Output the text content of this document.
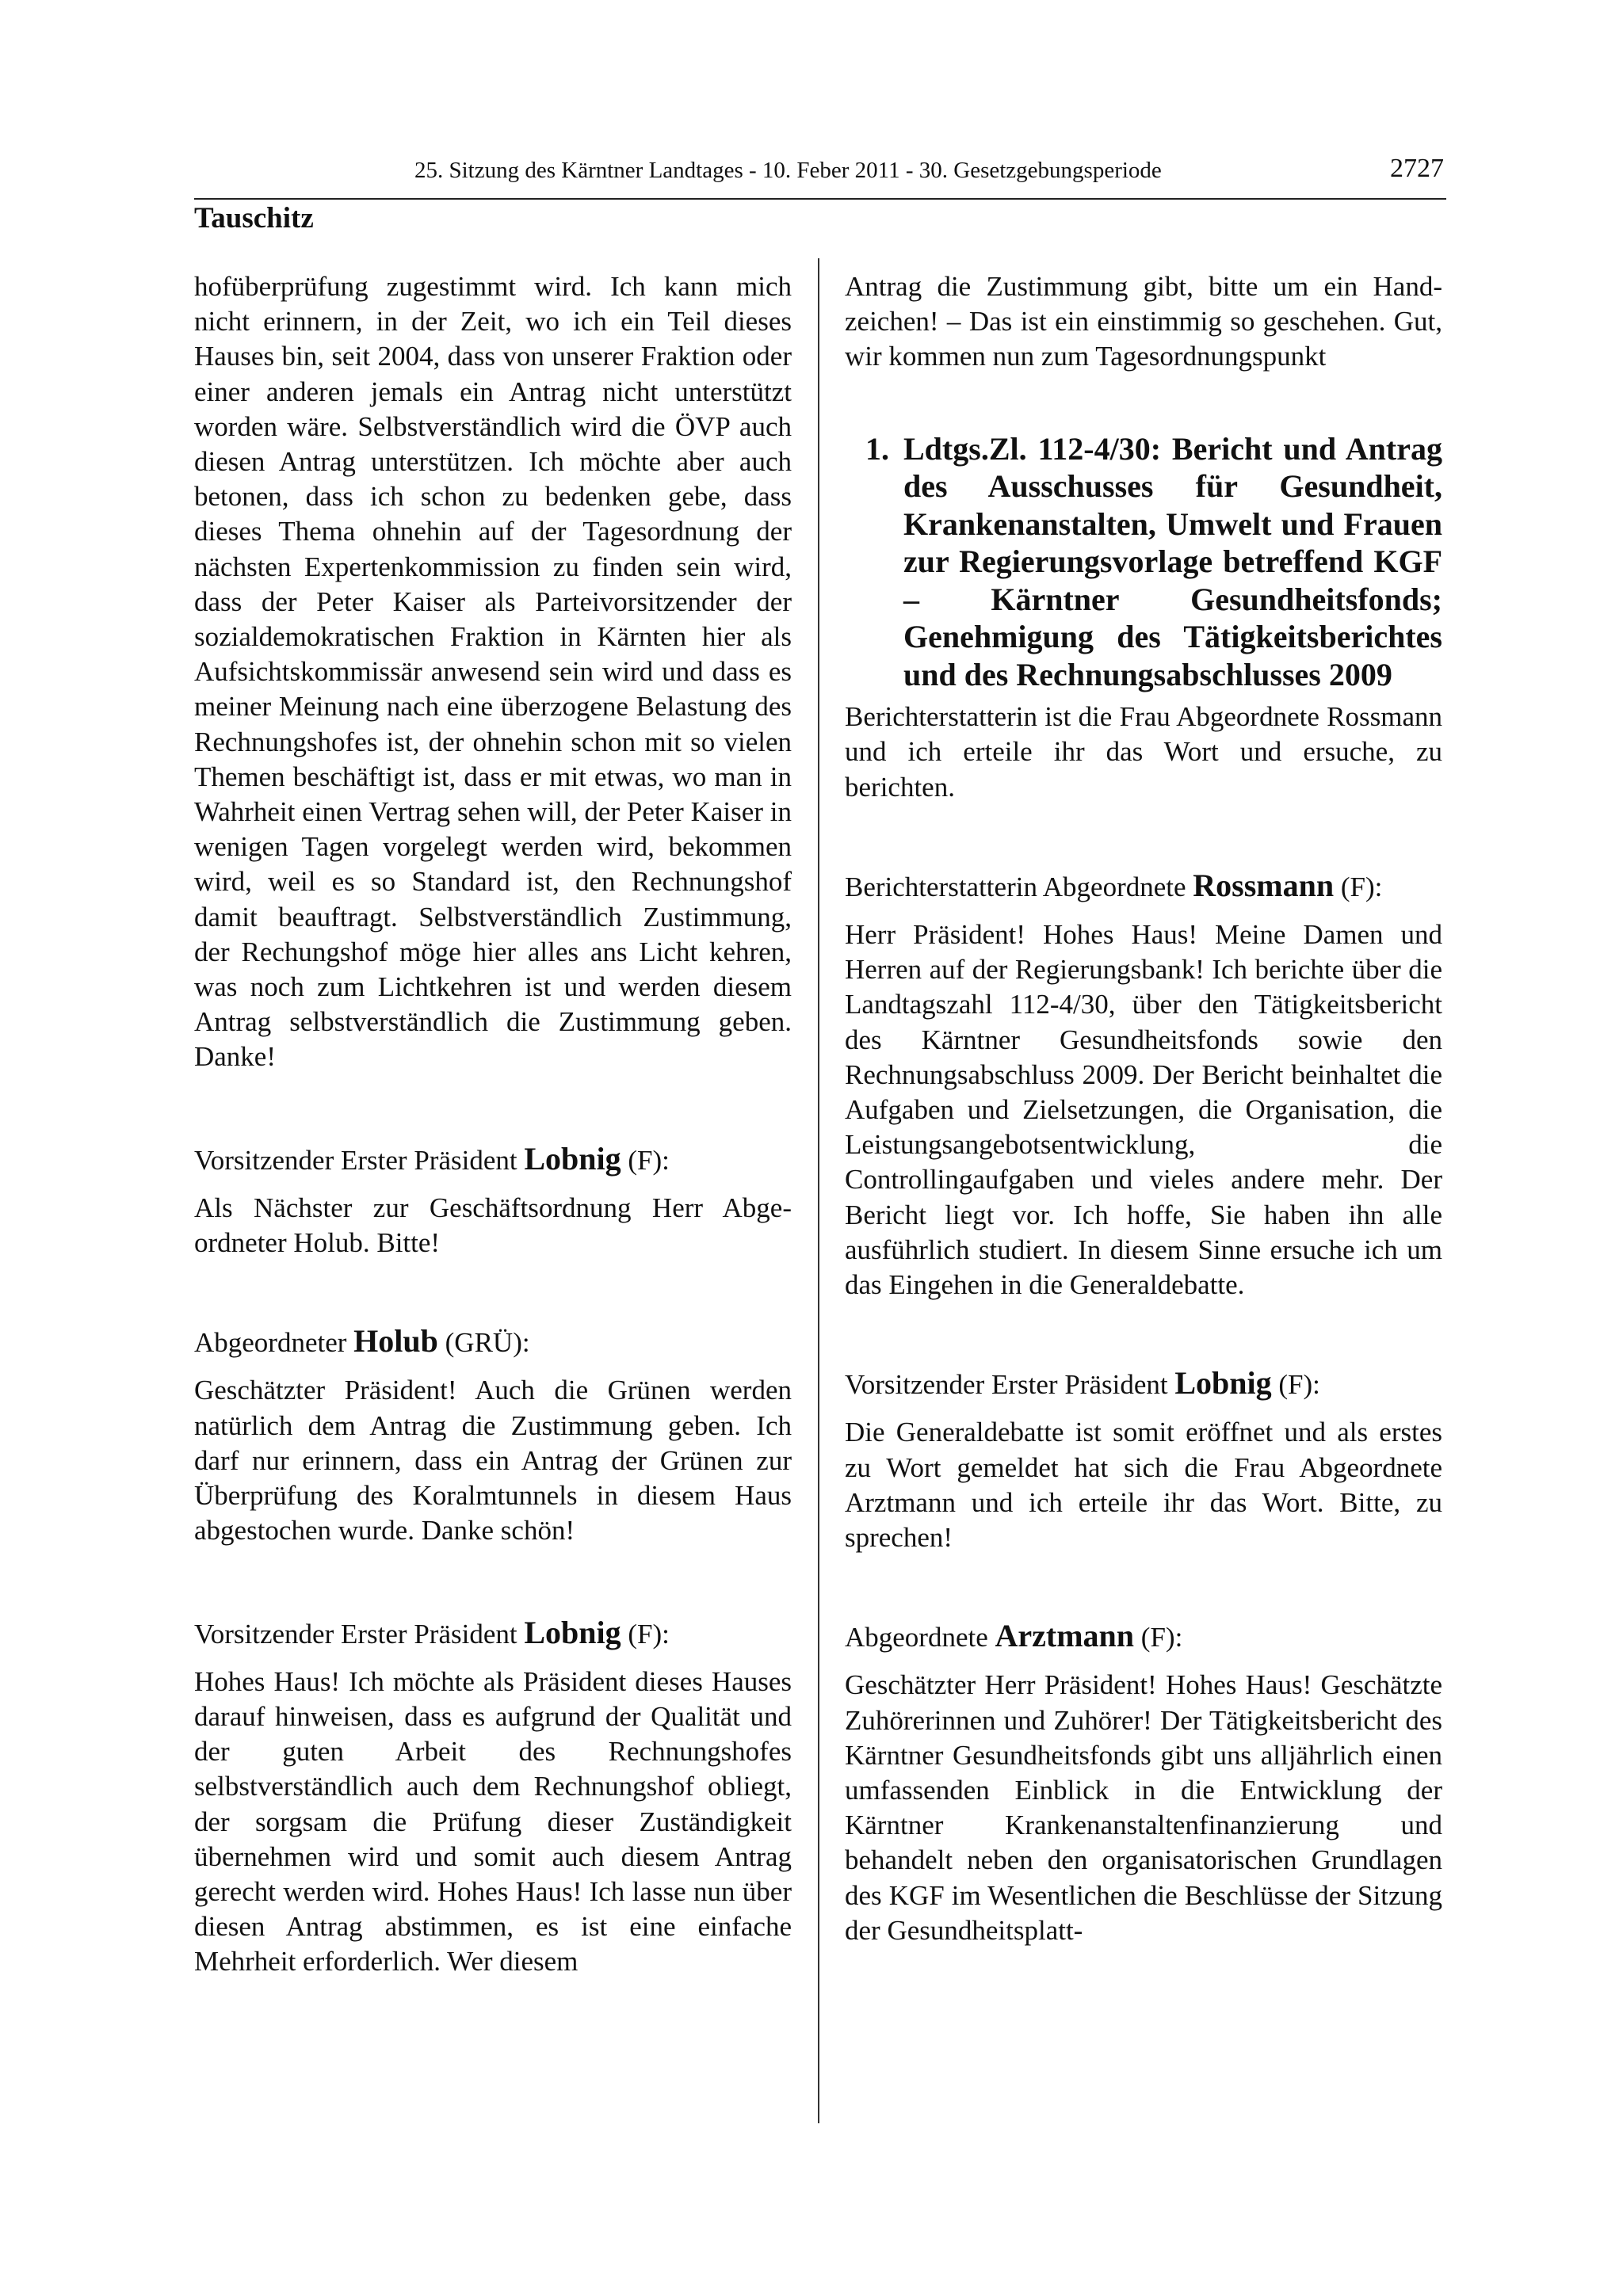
25. Sitzung des Kärntner Landtages - 10. Feber 2011 - 30. Gesetzgebungsperiode	2727
Tauschitz

hofüberprüfung zugestimmt wird. Ich kann mich nicht erinnern, in der Zeit, wo ich ein Teil dieses Hauses bin, seit 2004, dass von unserer Fraktion oder einer anderen jemals ein Antrag nicht unterstützt worden wäre. Selbstverständlich wird die ÖVP auch diesen Antrag unterstützen. Ich möchte aber auch betonen, dass ich schon zu bedenken gebe, dass dieses Thema ohnehin auf der Tagesordnung der nächsten Expertenkommission zu finden sein wird, dass der Peter Kaiser als Parteivorsitzender der sozialdemokratischen Fraktion in Kärnten hier als Aufsichtskommissär anwesend sein wird und dass es meiner Meinung nach eine überzogene Belastung des Rechnungshofes ist, der ohnehin schon mit so vielen Themen beschäftigt ist, dass er mit etwas, wo man in Wahrheit einen Vertrag sehen will, der Peter Kaiser in wenigen Tagen vorgelegt werden wird, bekommen wird, weil es so Standard ist, den Rechnungshof damit beauftragt. Selbstverständlich Zustimmung, der Rechungshof möge hier alles ans Licht kehren, was noch zum Lichtkehren ist und werden diesem Antrag selbstverständlich die Zustimmung geben. Danke!

Vorsitzender Erster Präsident Lobnig (F):

Als Nächster zur Geschäftsordnung Herr Abgeordneter Holub. Bitte!

Abgeordneter Holub (GRÜ):

Geschätzter Präsident! Auch die Grünen werden natürlich dem Antrag die Zustimmung geben. Ich darf nur erinnern, dass ein Antrag der Grünen zur Überprüfung des Koralmtunnels in diesem Haus abgestochen wurde. Danke schön!

Vorsitzender Erster Präsident Lobnig (F):

Hohes Haus! Ich möchte als Präsident dieses Hauses darauf hinweisen, dass es aufgrund der Qualität und der guten Arbeit des Rechnungshofes selbstverständlich auch dem Rechnungshof obliegt, der sorgsam die Prüfung dieser Zuständigkeit übernehmen wird und somit auch diesem Antrag gerecht werden wird. Hohes Haus! Ich lasse nun über diesen Antrag abstimmen, es ist eine einfache Mehrheit erforderlich. Wer diesem

Antrag die Zustimmung gibt, bitte um ein Handzeichen! – Das ist ein einstimmig so geschehen. Gut, wir kommen nun zum Tagesordnungspunkt

1. Ldtgs.Zl. 112-4/30: Bericht und Antrag des Ausschusses für Gesundheit, Krankenanstalten, Umwelt und Frauen zur Regierungsvorlage betreffend KGF – Kärntner Gesundheitsfonds; Genehmigung des Tätigkeitsberichtes und des Rechnungsabschlusses 2009

Berichterstatterin ist die Frau Abgeordnete Rossmann und ich erteile ihr das Wort und ersuche, zu berichten.

Berichterstatterin Abgeordnete Rossmann (F):

Herr Präsident! Hohes Haus! Meine Damen und Herren auf der Regierungsbank! Ich berichte über die Landtagszahl 112-4/30, über den Tätigkeitsbericht des Kärntner Gesundheitsfonds sowie den Rechnungsabschluss 2009. Der Bericht beinhaltet die Aufgaben und Zielsetzungen, die Organisation, die Leistungsangebotsentwicklung, die Controllingaufgaben und vieles andere mehr. Der Bericht liegt vor. Ich hoffe, Sie haben ihn alle ausführlich studiert. In diesem Sinne ersuche ich um das Eingehen in die Generaldebatte.

Vorsitzender Erster Präsident Lobnig (F):

Die Generaldebatte ist somit eröffnet und als erstes zu Wort gemeldet hat sich die Frau Abgeordnete Arztmann und ich erteile ihr das Wort. Bitte, zu sprechen!

Abgeordnete Arztmann (F):

Geschätzter Herr Präsident! Hohes Haus! Geschätzte Zuhörerinnen und Zuhörer! Der Tätigkeitsbericht des Kärntner Gesundheitsfonds gibt uns alljährlich einen umfassenden Einblick in die Entwicklung der Kärntner Krankenanstaltenfinanzierung und behandelt neben den organisatorischen Grundlagen des KGF im Wesentlichen die Beschlüsse der Sitzung der Gesundheitsplatt-
